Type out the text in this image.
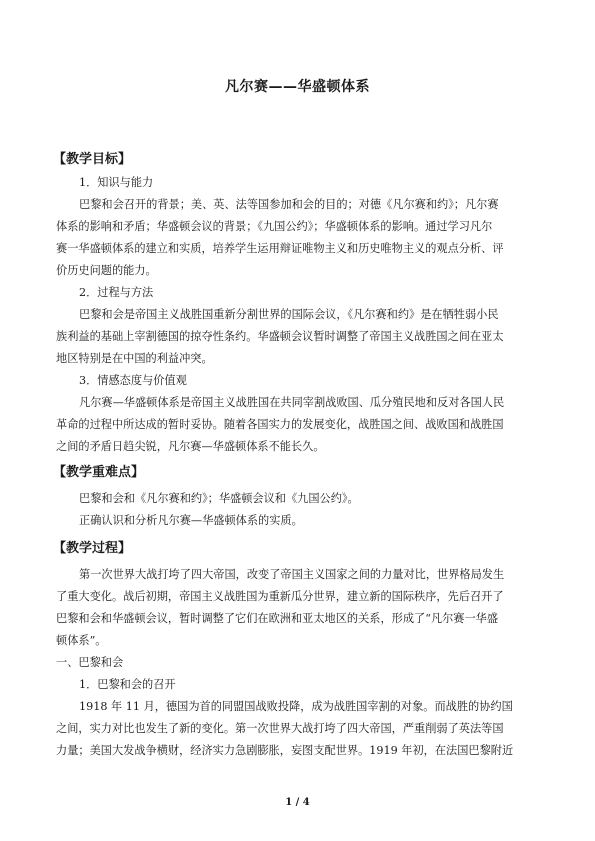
凡尔赛——华盛顿体系
【教学目标】
1．知识与能力
巴黎和会召开的背景；美、英、法等国参加和会的目的；对德《凡尔赛和约》；凡尔赛
体系的影响和矛盾；华盛顿会议的背景；《九国公约》；华盛顿体系的影响。通过学习凡尔
赛一华盛顿体系的建立和实质，培养学生运用辩证唯物主义和历史唯物主义的观点分析、评
价历史问题的能力。
2．过程与方法
巴黎和会是帝国主义战胜国重新分割世界的国际会议，《凡尔赛和约》是在牺牲弱小民
族利益的基础上宰割德国的掠夺性条约。华盛顿会议暂时调整了帝国主义战胜国之间在亚太
地区特别是在中国的利益冲突。
3．情感态度与价值观
凡尔赛—华盛顿体系是帝国主义战胜国在共同宰割战败国、瓜分殖民地和反对各国人民
革命的过程中所达成的暂时妥协。随着各国实力的发展变化，战胜国之间、战败国和战胜国
之间的矛盾日趋尖锐，凡尔赛—华盛顿体系不能长久。
【教学重难点】
巴黎和会和《凡尔赛和约》；华盛顿会议和《九国公约》。
正确认识和分析凡尔赛—华盛顿体系的实质。
【教学过程】
第一次世界大战打垮了四大帝国，改变了帝国主义国家之间的力量对比，世界格局发生
了重大变化。战后初期，帝国主义战胜国为重新瓜分世界，建立新的国际秩序，先后召开了
巴黎和会和华盛顿会议，暂时调整了它们在欧洲和亚太地区的关系，形成了“凡尔赛一华盛
顿体系”。
一、巴黎和会
1．巴黎和会的召开
1918 年 11 月，德国为首的同盟国战败投降，成为战胜国宰割的对象。而战胜的协约国
之间，实力对比也发生了新的变化。第一次世界大战打垮了四大帝国，严重削弱了英法等国
力量；美国大发战争横财，经济实力急剧膨胀，妄图支配世界。1919 年初，在法国巴黎附近
1 / 4
